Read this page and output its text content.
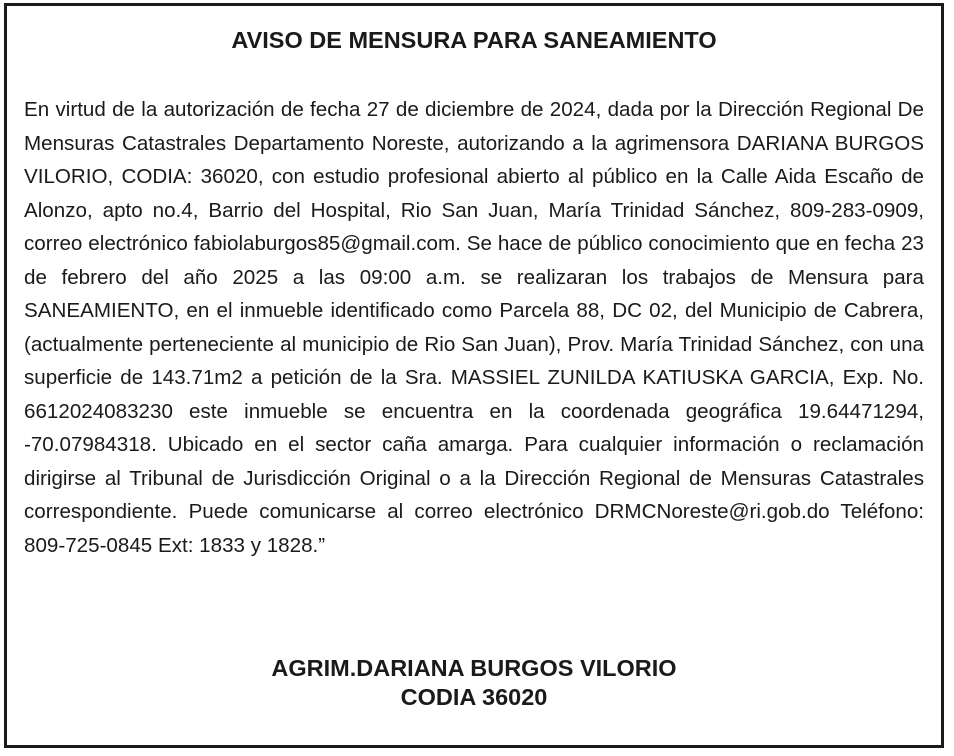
AVISO DE MENSURA PARA SANEAMIENTO

En virtud de la autorización de fecha 27 de diciembre de 2024, dada por la Dirección Regional De Mensuras Catastrales Departamento Noreste, autorizando a la agrimensora DARIANA BURGOS VILORIO, CODIA: 36020, con estudio profesional abierto al público en la Calle Aida Escaño de Alonzo, apto no.4, Barrio del Hospital, Rio San Juan, María Trinidad Sánchez, 809-283-0909, correo electrónico fabiolaburgos85@gmail.com. Se hace de público conocimiento que en fecha 23 de febrero del año 2025 a las 09:00 a.m. se realizaran los trabajos de Mensura para SANEAMIENTO, en el inmueble identificado como Parcela 88, DC 02, del Municipio de Cabrera, (actualmente perteneciente al municipio de Rio San Juan), Prov. María Trinidad Sánchez, con una superficie de 143.71m2 a petición de la Sra. MASSIEL ZUNILDA KATIUSKA GARCIA, Exp. No. 6612024083230 este inmueble se encuentra en la coordenada geográfica 19.64471294, -70.07984318. Ubicado en el sector caña amarga. Para cualquier información o reclamación dirigirse al Tribunal de Jurisdicción Original o a la Dirección Regional de Mensuras Catastrales correspondiente. Puede comunicarse al correo electrónico DRMCNoreste@ri.gob.do Teléfono: 809-725-0845 Ext: 1833 y 1828.”

AGRIM.DARIANA BURGOS VILORIO
CODIA 36020
